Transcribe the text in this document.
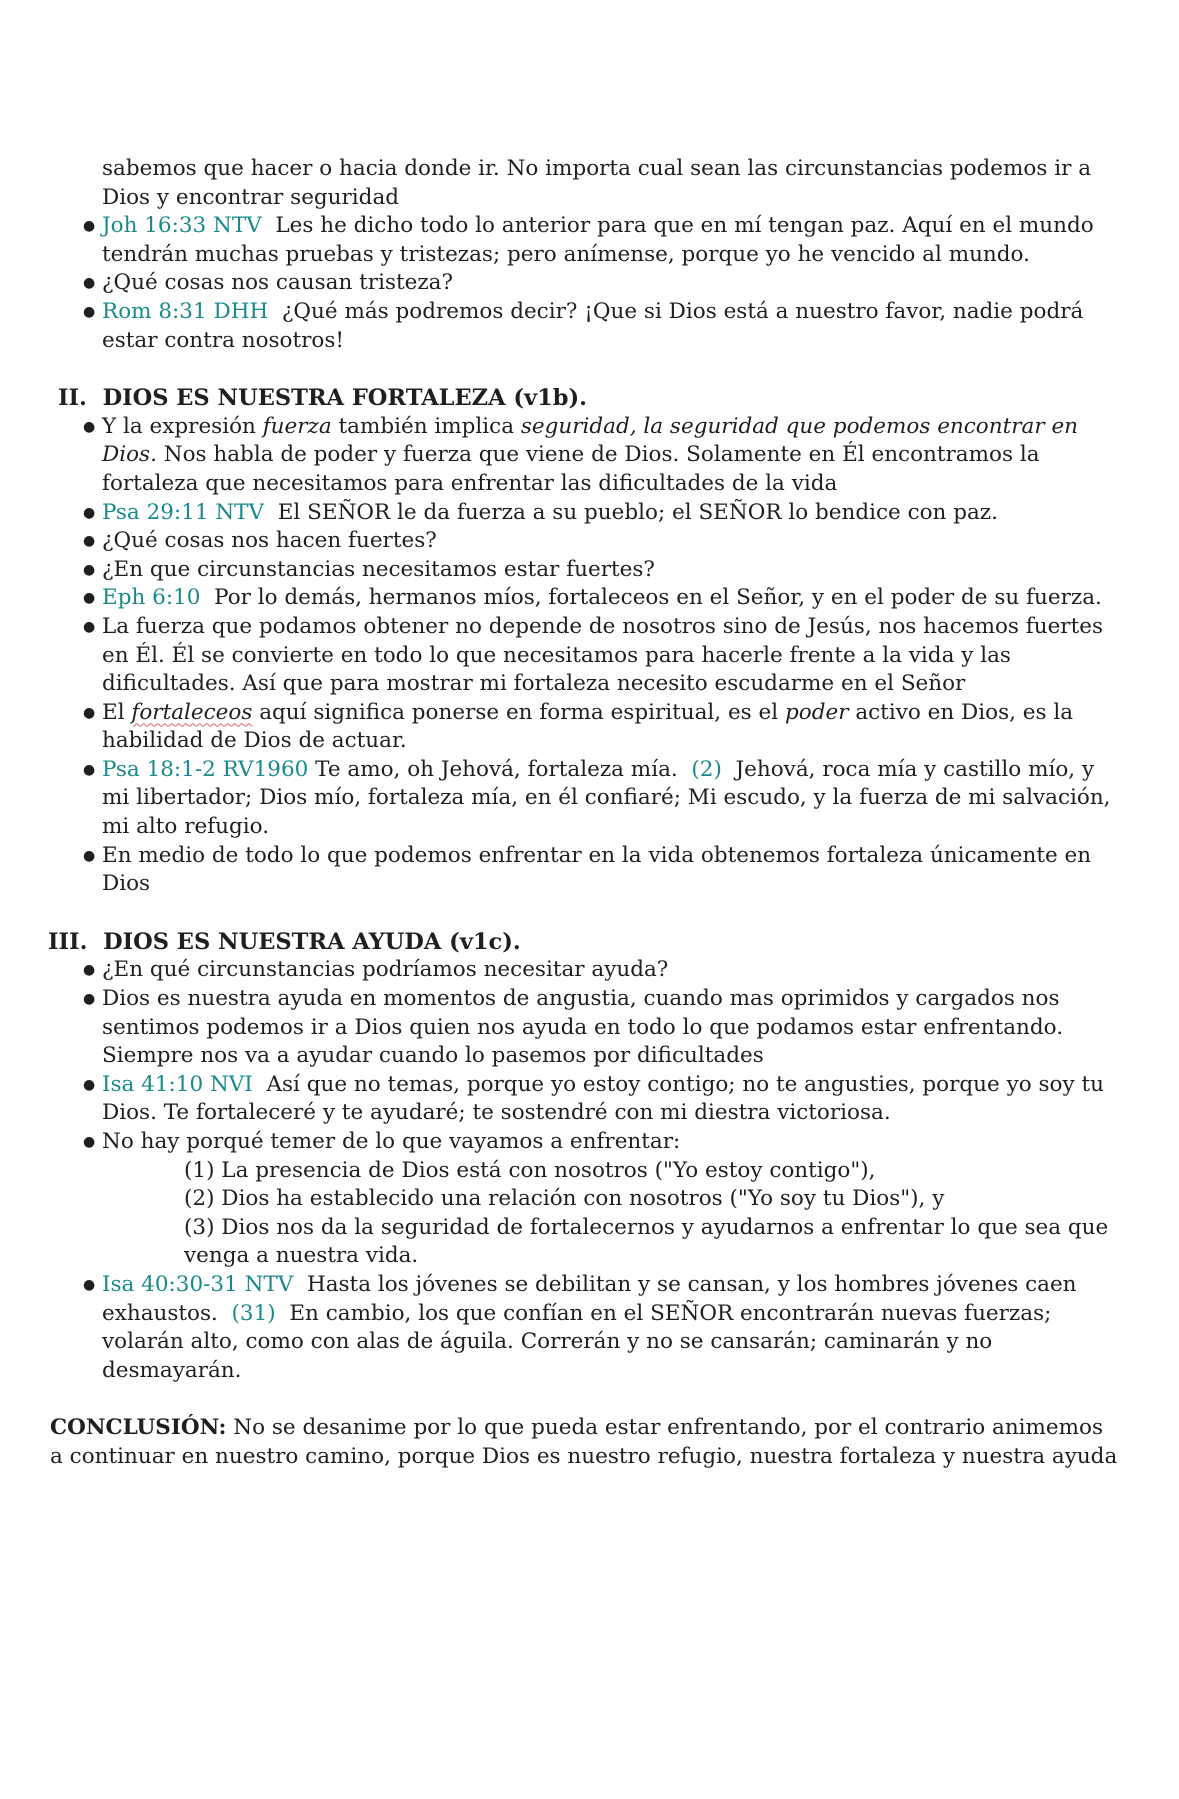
sabemos que hacer o hacia donde ir. No importa cual sean las circunstancias podemos ir a
Dios y encontrar seguridad
● Joh 16:33 NTV Les he dicho todo lo anterior para que en mí tengan paz. Aquí en el mundo tendrán muchas pruebas y tristezas; pero anímense, porque yo he vencido al mundo.
● ¿Qué cosas nos causan tristeza?
● Rom 8:31 DHH ¿Qué más podremos decir? ¡Que si Dios está a nuestro favor, nadie podrá estar contra nosotros!
II. DIOS ES NUESTRA FORTALEZA (v1b).
● Y la expresión fuerza también implica seguridad, la seguridad que podemos encontrar en Dios. Nos habla de poder y fuerza que viene de Dios. Solamente en Él encontramos la fortaleza que necesitamos para enfrentar las dificultades de la vida
● Psa 29:11 NTV El SEÑOR le da fuerza a su pueblo; el SEÑOR lo bendice con paz.
● ¿Qué cosas nos hacen fuertes?
● ¿En que circunstancias necesitamos estar fuertes?
● Eph 6:10 Por lo demás, hermanos míos, fortaleceos en el Señor, y en el poder de su fuerza.
● La fuerza que podamos obtener no depende de nosotros sino de Jesús, nos hacemos fuertes en Él. Él se convierte en todo lo que necesitamos para hacerle frente a la vida y las dificultades. Así que para mostrar mi fortaleza necesito escudarme en el Señor
● El fortaleceos aquí significa ponerse en forma espiritual, es el poder activo en Dios, es la habilidad de Dios de actuar.
● Psa 18:1-2 RV1960 Te amo, oh Jehová, fortaleza mía. (2) Jehová, roca mía y castillo mío, y mi libertador; Dios mío, fortaleza mía, en él confiaré; Mi escudo, y la fuerza de mi salvación, mi alto refugio.
● En medio de todo lo que podemos enfrentar en la vida obtenemos fortaleza únicamente en Dios
III. DIOS ES NUESTRA AYUDA (v1c).
● ¿En qué circunstancias podríamos necesitar ayuda?
● Dios es nuestra ayuda en momentos de angustia, cuando mas oprimidos y cargados nos sentimos podemos ir a Dios quien nos ayuda en todo lo que podamos estar enfrentando. Siempre nos va a ayudar cuando lo pasemos por dificultades
● Isa 41:10 NVI Así que no temas, porque yo estoy contigo; no te angusties, porque yo soy tu Dios. Te fortaleceré y te ayudaré; te sostendré con mi diestra victoriosa.
● No hay porqué temer de lo que vayamos a enfrentar:
(1) La presencia de Dios está con nosotros ("Yo estoy contigo"),
(2) Dios ha establecido una relación con nosotros ("Yo soy tu Dios"), y
(3) Dios nos da la seguridad de fortalecernos y ayudarnos a enfrentar lo que sea que venga a nuestra vida.
● Isa 40:30-31 NTV Hasta los jóvenes se debilitan y se cansan, y los hombres jóvenes caen exhaustos. (31) En cambio, los que confían en el SEÑOR encontrarán nuevas fuerzas; volarán alto, como con alas de águila. Correrán y no se cansarán; caminarán y no desmayarán.
CONCLUSIÓN: No se desanime por lo que pueda estar enfrentando, por el contrario animemos a continuar en nuestro camino, porque Dios es nuestro refugio, nuestra fortaleza y nuestra ayuda
